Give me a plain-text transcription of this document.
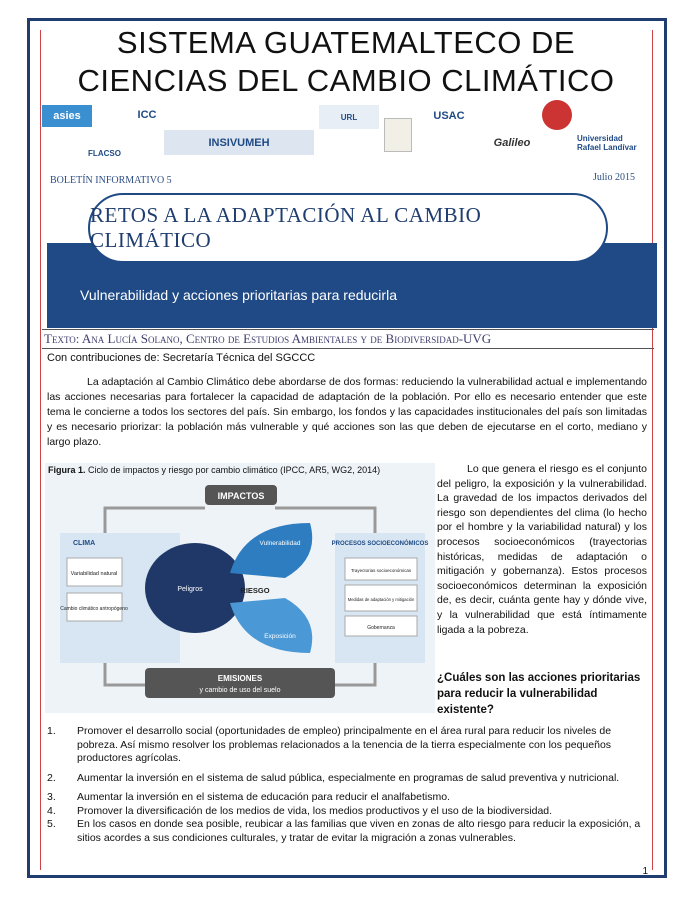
SISTEMA GUATEMALTECO DE
CIENCIAS DEL CAMBIO CLIMÁTICO
asies	ICC
FLACSO
INSIVUMEH
URL	USAC
Galileo	Universidad Rafael Landívar
BOLETÍN INFORMATIVO 5	Julio 2015
RETOS A LA ADAPTACIÓN AL CAMBIO CLIMÁTICO
Vulnerabilidad y acciones prioritarias para reducirla
Texto: Ana Lucía Solano, Centro de Estudios Ambientales y de Biodiversidad-UVG
Con contribuciones de: Secretaría Técnica del SGCCC
La adaptación al Cambio Climático debe abordarse de dos formas: reduciendo la vulnerabilidad actual e implementando las acciones necesarias para fortalecer la capacidad de adaptación de la población. Por ello es necesario entender que este tema le concierne a todos los sectores del país. Sin embargo, los fondos y las capacidades institucionales del país son limitadas y es necesario priorizar: la población más vulnerable y qué acciones son las que deben de ejecutarse en el corto, mediano y largo plazo.
IMPACTOS
CLIMA
Variabilidad natural
Cambio climático antropógeno
Peligros	RIESGO
Vulnerabilidad
Exposición
PROCESOS SOCIOECONÓMICOS
Trayectorias socioeconómicas
Medidas de adaptación y mitigación
Gobernanza
EMISIONES
y cambio de uso del suelo
Figura 1. Ciclo de impactos y riesgo por cambio climático (IPCC, AR5, WG2, 2014)	Lo que genera el riesgo es el conjunto del peligro, la exposición y la vulnerabilidad. La gravedad de los impactos derivados del riesgo son dependientes del clima (lo hecho por el hombre y la variabilidad natural) y los procesos socioeconómicos (trayectorias históricas, medidas de adaptación o mitigación y gobernanza). Estos procesos socioeconómicos determinan la exposición de, es decir, cuánta gente hay y dónde vive, y la vulnerabilidad que está íntimamente ligada a la pobreza.
¿Cuáles son las acciones prioritarias para reducir la vulnerabilidad existente?
1. Promover el desarrollo social (oportunidades de empleo) principalmente en el área rural para reducir los niveles de pobreza. Así mismo resolver los problemas relacionados a la tenencia de la tierra especialmente con los pequeños productores agrícolas.
2. Aumentar la inversión en el sistema de salud pública, especialmente en programas de salud preventiva y nutricional.
3. Aumentar la inversión en el sistema de educación para reducir el analfabetismo.
4. Promover la diversificación de los medios de vida, los medios productivos y el uso de la biodiversidad.
5. En los casos en donde sea posible, reubicar a las familias que viven en zonas de alto riesgo para reducir la exposición, a sitios acordes a sus condiciones culturales, y tratar de evitar la migración a zonas vulnerables.
1
